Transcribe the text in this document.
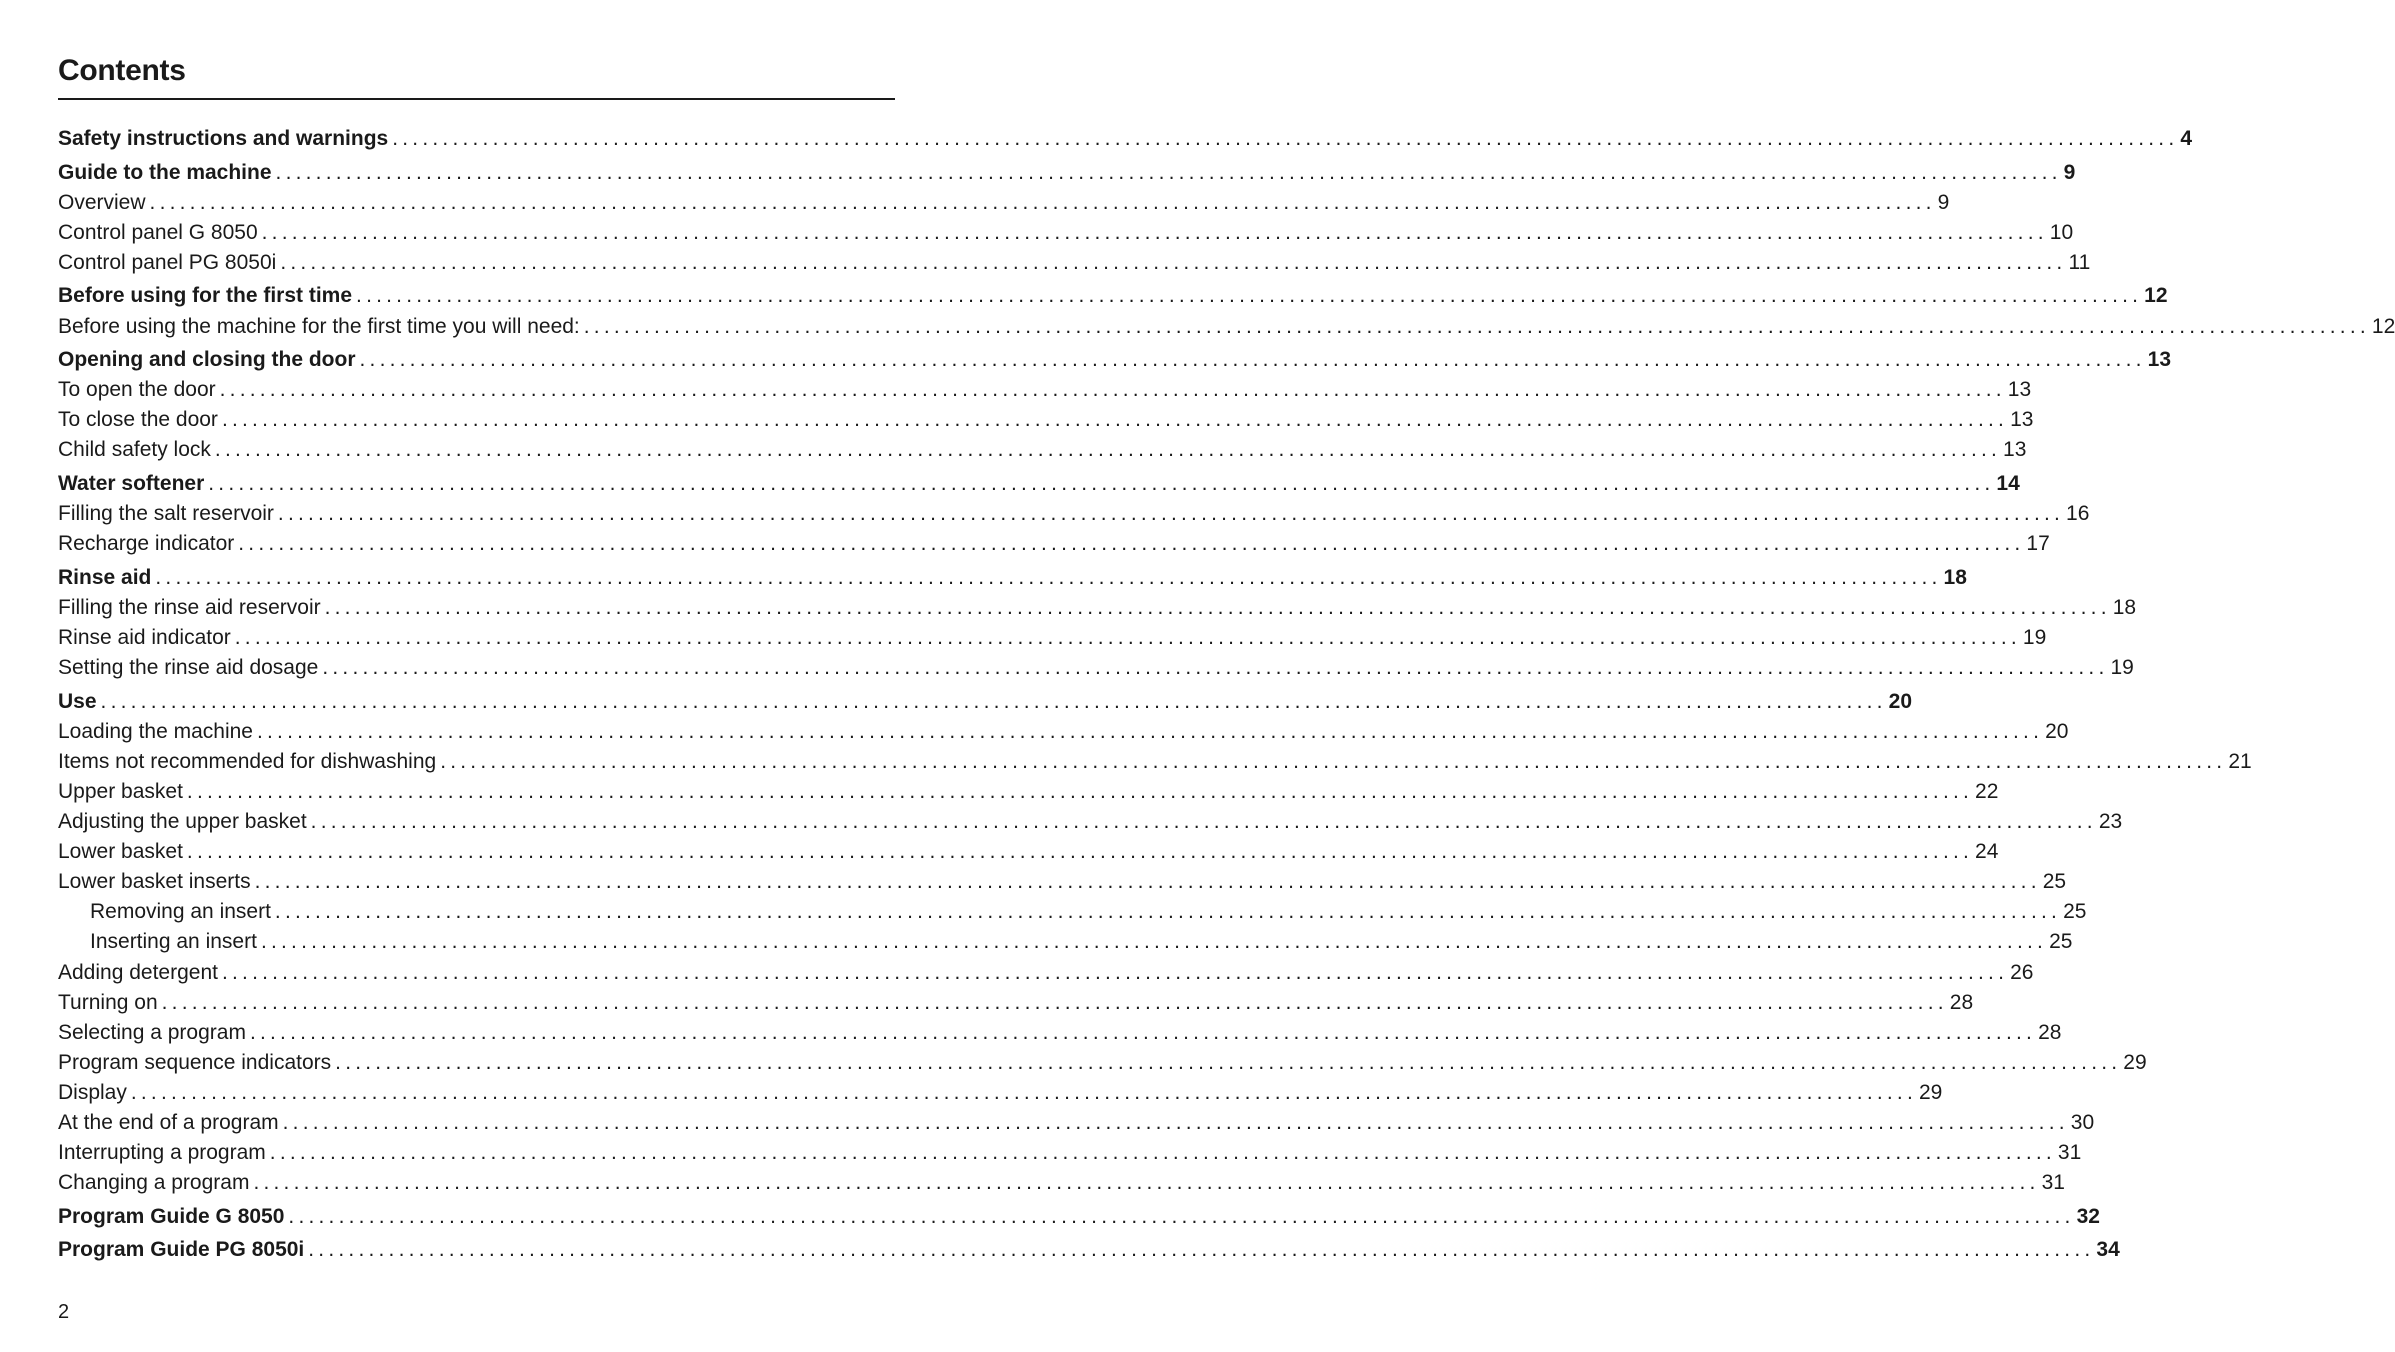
Contents
Safety instructions and warnings .................................................................................................................................................................................. 4
Guide to the machine .................................................................................................................................................................................. 9
Overview .................................................................................................................................................................................. 9
Control panel G 8050 .................................................................................................................................................................................. 10
Control panel PG 8050i .................................................................................................................................................................................. 11
Before using for the first time .................................................................................................................................................................................. 12
Before using the machine for the first time you will need: .................................................................................................................................................................................. 12
Opening and closing the door .................................................................................................................................................................................. 13
To open the door .................................................................................................................................................................................. 13
To close the door .................................................................................................................................................................................. 13
Child safety lock .................................................................................................................................................................................. 13
Water softener .................................................................................................................................................................................. 14
Filling the salt reservoir .................................................................................................................................................................................. 16
Recharge indicator .................................................................................................................................................................................. 17
Rinse aid .................................................................................................................................................................................. 18
Filling the rinse aid reservoir .................................................................................................................................................................................. 18
Rinse aid indicator .................................................................................................................................................................................. 19
Setting the rinse aid dosage .................................................................................................................................................................................. 19
Use .................................................................................................................................................................................. 20
Loading the machine .................................................................................................................................................................................. 20
Items not recommended for dishwashing .................................................................................................................................................................................. 21
Upper basket .................................................................................................................................................................................. 22
Adjusting the upper basket .................................................................................................................................................................................. 23
Lower basket .................................................................................................................................................................................. 24
Lower basket inserts .................................................................................................................................................................................. 25
Removing an insert .................................................................................................................................................................................. 25
Inserting an insert .................................................................................................................................................................................. 25
Adding detergent .................................................................................................................................................................................. 26
Turning on .................................................................................................................................................................................. 28
Selecting a program .................................................................................................................................................................................. 28
Program sequence indicators .................................................................................................................................................................................. 29
Display .................................................................................................................................................................................. 29
At the end of a program .................................................................................................................................................................................. 30
Interrupting a program .................................................................................................................................................................................. 31
Changing a program .................................................................................................................................................................................. 31
Program Guide G 8050 .................................................................................................................................................................................. 32
Program Guide PG 8050i .................................................................................................................................................................................. 34
2
